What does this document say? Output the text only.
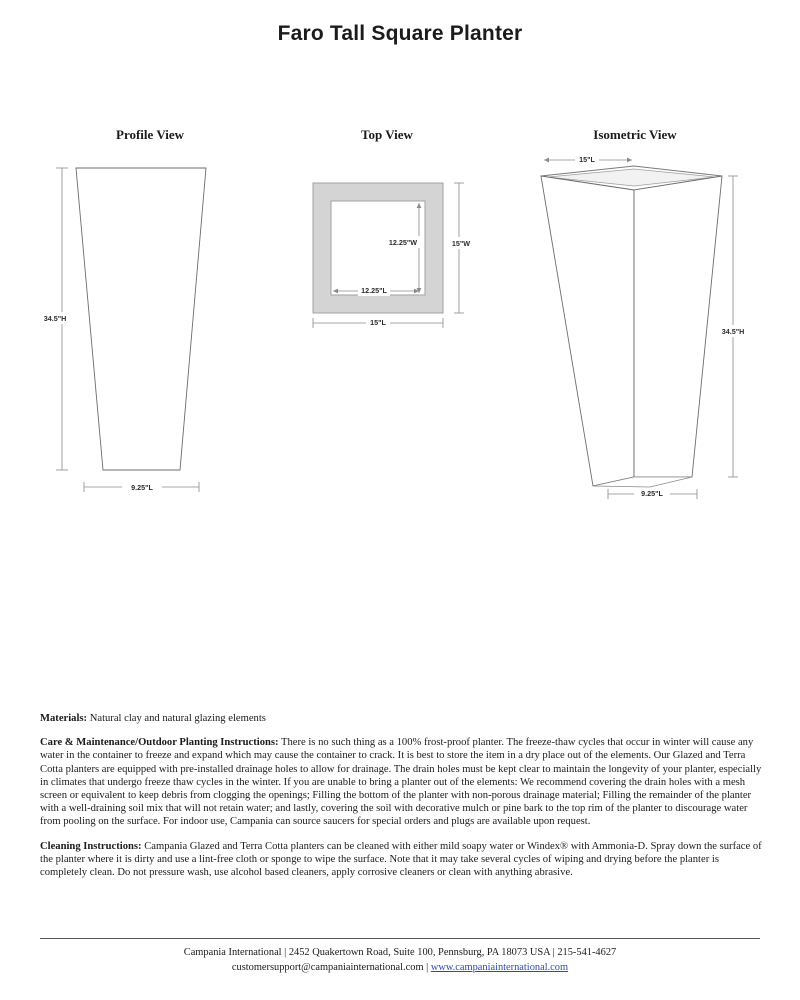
Faro Tall Square Planter
Profile View	Top View	Isometric View
34.5"H
9.25"L
12.25"W
12.25"L
15"W
15"L
15"L
34.5"H
9.25"L

Materials: Natural clay and natural glazing elements

Care & Maintenance/Outdoor Planting Instructions: There is no such thing as a 100% frost-proof planter. The freeze-thaw cycles that occur in winter will cause any water in the container to freeze and expand which may cause the container to crack. It is best to store the item in a dry place out of the elements. Our Glazed and Terra Cotta planters are equipped with pre-installed drainage holes to allow for drainage. The drain holes must be kept clear to maintain the longevity of your planter, especially in climates that undergo freeze thaw cycles in the winter. If you are unable to bring a planter out of the elements: We recommend covering the drain holes with a mesh screen or equivalent to keep debris from clogging the openings; Filling the bottom of the planter with non-porous drainage material; Filling the remainder of the planter with a well-draining soil mix that will not retain water; and lastly, covering the soil with decorative mulch or pine bark to the top rim of the planter to discourage water from pooling on the surface. For indoor use, Campania can source saucers for special orders and plugs are available upon request.

Cleaning Instructions: Campania Glazed and Terra Cotta planters can be cleaned with either mild soapy water or Windex® with Ammonia-D. Spray down the surface of the planter where it is dirty and use a lint-free cloth or sponge to wipe the surface. Note that it may take several cycles of wiping and drying before the planter is completely clean. Do not pressure wash, use alcohol based cleaners, apply corrosive cleaners or clean with anything abrasive.

Campania International | 2452 Quakertown Road, Suite 100, Pennsburg, PA 18073 USA | 215-541-4627
customersupport@campaniainternational.com | www.campaniainternational.com
